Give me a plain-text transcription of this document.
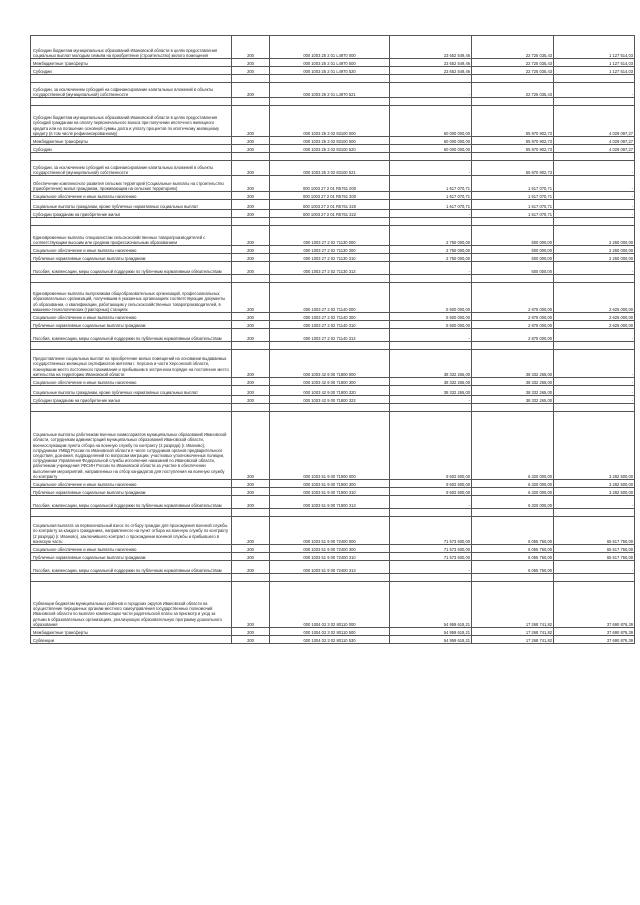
Субсидии бюджетам муниципальных образований Ивановской области в целях предоставления социальных выплат молодым семьям на приобретение (строительство) жилого помещения	200	000 1003 25 2 01 L4970 000	23 652 549,46	22 725 035,43	1 127 514,03
Межбюджетные трансферты	200	000 1003 25 2 01 L4970 500	23 652 549,46	22 725 035,43	1 127 514,03
Субсидии	200	000 1003 25 2 01 L4970 520	23 652 549,46	22 725 035,43	1 127 514,03

Субсидии, за исключением субсидий на софинансирование капитальных вложений в объекты государственной (муниципальной) собственности	200	000 1003 25 2 01 L4970 521	-	22 725 035,43	-

Субсидии бюджетам муниципальных образований Ивановской области в целях предоставления субсидий гражданам на оплату первоначального взноса при получении ипотечного жилищного кредита или на погашение основной суммы долга и уплату процентов по ипотечному жилищному кредиту (в том числе рефинансированному)	200	000 1003 25 3 02 83100 000	60 000 000,00	55 970 902,73	4 029 097,27
Межбюджетные трансферты	200	000 1003 25 3 02 83100 500	60 000 000,00	55 970 902,73	4 029 097,27
Субсидии	200	000 1003 25 3 02 83100 520	60 000 000,00	55 970 902,73	4 029 097,27

Субсидии, за исключением субсидий на софинансирование капитальных вложений в объекты государственной (муниципальной) собственности	200	000 1003 25 3 02 83100 521	-	55 970 902,73	-
Обеспечение комплексного развития сельских территорий (Социальные выплаты на строительство (приобретение) жилья гражданам, проживающим на сельских территориях)	200	000 1003 27 2 01 R5761 000	1 617 070,71	1 617 070,71	-
Социальное обеспечение и иные выплаты населению	200	000 1003 27 2 01 R5761 300	1 617 070,71	1 617 070,71	-
Социальные выплаты гражданам, кроме публичных нормативных социальных выплат	200	000 1003 27 2 01 R5761 320	1 617 070,71	1 617 070,71	-
Субсидии гражданам на приобретение жилья	200	000 1003 27 2 01 R5761 322	-	1 617 070,71	-

Единовременные выплаты специалистам сельскохозяйственных товаропроизводителей с соответствующим высшим или средним профессиональным образованием	200	000 1003 27 2 02 71130 000	2 750 000,00	500 000,00	2 250 000,00
Социальное обеспечение и иные выплаты населению	200	000 1003 27 2 02 71130 300	2 750 000,00	500 000,00	2 250 000,00
Публичные нормативные социальные выплаты гражданам	200	000 1003 27 2 02 71130 310	2 750 000,00	500 000,00	2 250 000,00
Пособия, компенсации, меры социальной поддержки по публичным нормативным обязательствам	200	000 1003 27 2 02 71130 313	-	500 000,00	-

Единовременные выплаты выпускникам общеобразовательных организаций, профессиональных образовательных организаций, получившим в указанных организациях соответствующие документы об образовании, о квалификации, работающим у сельскохозяйственных товаропроизводителей, в машинно-технологических (тракторных) станциях	200	000 1003 27 2 02 71140 000	5 500 000,00	2 875 000,00	2 625 000,00
Социальное обеспечение и иные выплаты населению	200	000 1003 27 2 02 71140 300	5 500 000,00	2 875 000,00	2 625 000,00
Публичные нормативные социальные выплаты гражданам	200	000 1003 27 2 02 71140 310	5 500 000,00	2 875 000,00	2 625 000,00
Пособия, компенсации, меры социальной поддержки по публичным нормативным обязательствам	200	000 1003 27 2 02 71140 313	-	2 875 000,00	-

Предоставление социальных выплат на приобретение жилых помещений на основании выдаваемых государственных жилищных сертификатов жителям г. Херсона и части Херсонской области, покинувшим место постоянного проживания и прибывшим в экстренном порядке на постоянное место жительства на территорию Ивановской области	200	000 1003 42 9 00 71800 000	38 332 265,00	38 332 265,00	-
Социальное обеспечение и иные выплаты населению	200	000 1003 42 9 00 71800 300	38 332 265,00	38 332 265,00	-
Социальные выплаты гражданам, кроме публичных нормативных социальных выплат	200	000 1003 42 9 00 71800 320	38 332 265,00	38 332 265,00	-
Субсидии гражданам на приобретение жилья	200	000 1003 42 9 00 71800 322	-	38 332 265,00	-

Социальные выплаты работникам военных комиссариатов муниципальных образований Ивановской области, сотрудникам администраций муниципальных образований Ивановской области, военнослужащим пункта отбора на военную службу по контракту (2 разряда) (г. Иваново), сотрудникам УМВД России по Ивановской области в числе сотрудников органов предварительного следствия, дознания, подразделений по вопросам миграции, участковых уполномоченных полиции, сотрудникам Управления Федеральной службы исполнения наказаний по Ивановской области, работникам учреждения УФСИН России по Ивановской области за участие в обеспечении выполнения мероприятий, направленных на отбор кандидатов для поступления на военную службу по контракту	200	000 1003 51 9 00 71900 000	9 602 500,00	6 320 000,00	3 282 500,00
Социальное обеспечение и иные выплаты населению	200	000 1003 51 9 00 71900 300	9 602 500,00	6 320 000,00	3 282 500,00
Публичные нормативные социальные выплаты гражданам	200	000 1003 51 9 00 71900 310	9 602 500,00	6 320 000,00	3 282 500,00
Пособия, компенсации, меры социальной поддержки по публичным нормативным обязательствам	200	000 1003 51 9 00 71900 313	-	6 320 000,00	-

Социальная выплата за первоначальный взнос по отбору граждан для прохождения военной службы по контракту за каждого гражданина, направленного на пункт отбора на военную службу по контракту (2 разряда) (г. Иваново), заключившего контракт о прохождении военной службы и прибывшего в воинскую часть	200	000 1003 51 9 00 72400 000	71 573 500,00	6 055 750,00	65 517 750,00
Социальное обеспечение и иные выплаты населению	200	000 1003 51 9 00 72400 300	71 573 500,00	6 055 750,00	65 517 750,00
Публичные нормативные социальные выплаты гражданам	200	000 1003 51 9 00 72400 310	71 573 500,00	6 055 750,00	65 517 750,00
Пособия, компенсации, меры социальной поддержки по публичным нормативным обязательствам	200	000 1003 51 9 00 72400 313	-	6 055 750,00	-

Субвенции бюджетам муниципальных районов и городских округов Ивановской области на осуществление переданных органам местного самоуправления государственных полномочий Ивановской области по выплате компенсации части родительской платы за присмотр и уход за детьми в образовательных организациях, реализующих образовательную программу дошкольного образования	200	000 1004 02 3 02 80110 000	54 959 618,21	17 268 741,82	37 690 876,39
Межбюджетные трансферты	200	000 1004 02 3 02 80110 500	54 959 618,21	17 268 741,82	37 690 876,39
Субвенции	200	000 1004 02 3 02 80110 530	54 959 618,21	17 268 741,82	37 690 876,39
